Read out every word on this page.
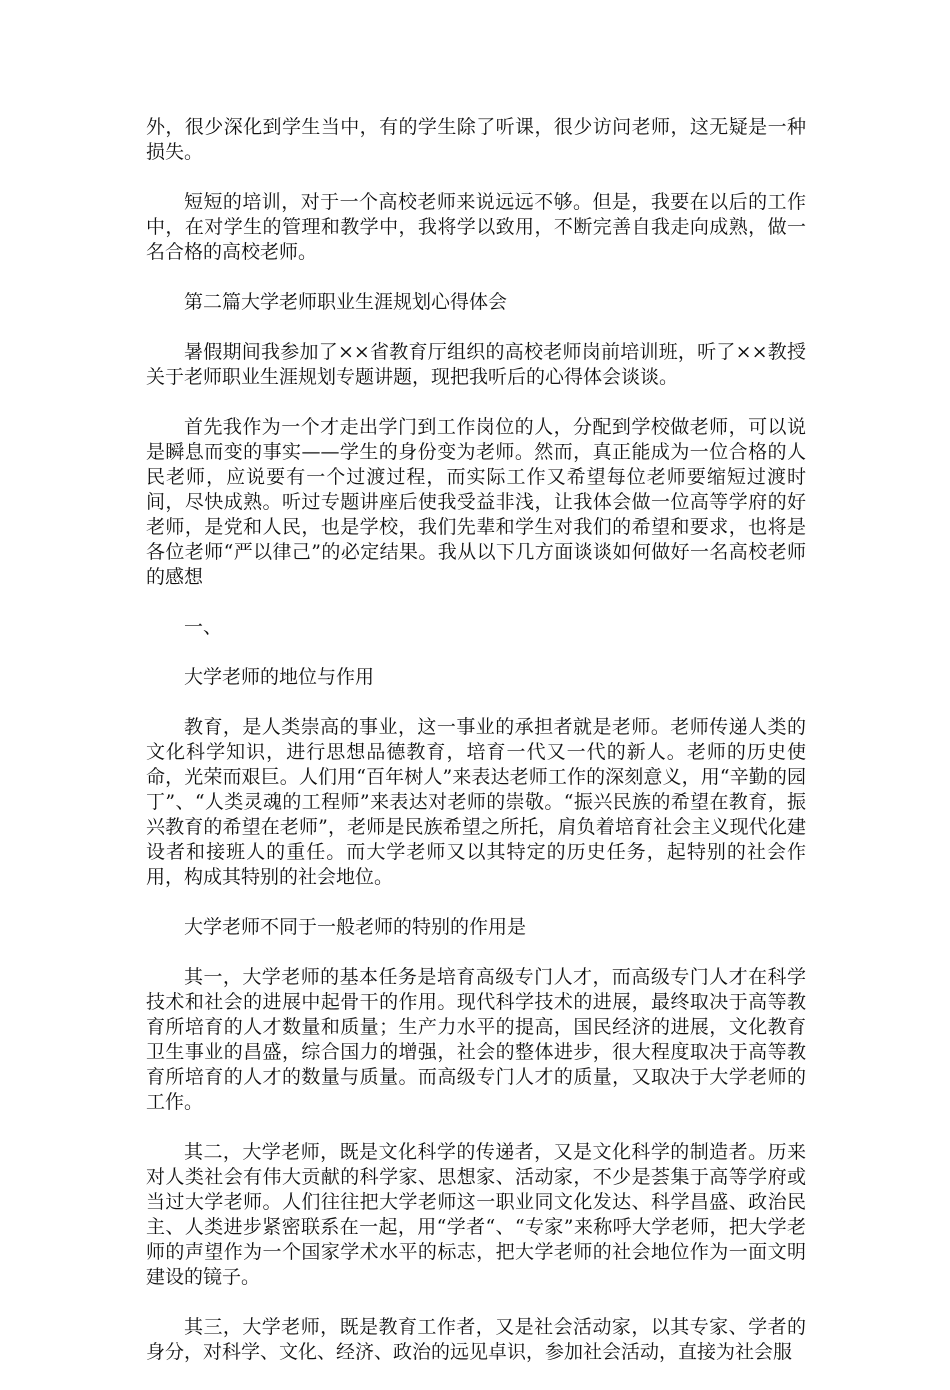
外，很少深化到学生当中，有的学生除了听课，很少访问老师，这无疑是一种损失。

短短的培训，对于一个高校老师来说远远不够。但是，我要在以后的工作中，在对学生的管理和教学中，我将学以致用，不断完善自我走向成熟，做一名合格的高校老师。

第二篇大学老师职业生涯规划心得体会

暑假期间我参加了××省教育厅组织的高校老师岗前培训班，听了××教授关于老师职业生涯规划专题讲题，现把我听后的心得体会谈谈。

首先我作为一个才走出学门到工作岗位的人，分配到学校做老师，可以说是瞬息而变的事实——学生的身份变为老师。然而，真正能成为一位合格的人民老师，应说要有一个过渡过程，而实际工作又希望每位老师要缩短过渡时间，尽快成熟。听过专题讲座后使我受益非浅，让我体会做一位高等学府的好老师，是党和人民，也是学校，我们先辈和学生对我们的希望和要求，也将是各位老师“严以律己”的必定结果。我从以下几方面谈谈如何做好一名高校老师的感想

一、

大学老师的地位与作用

教育，是人类崇高的事业，这一事业的承担者就是老师。老师传递人类的文化科学知识，进行思想品德教育，培育一代又一代的新人。老师的历史使命，光荣而艰巨。人们用“百年树人”来表达老师工作的深刻意义，用“辛勤的园丁”、“人类灵魂的工程师”来表达对老师的崇敬。“振兴民族的希望在教育，振兴教育的希望在老师”，老师是民族希望之所托，肩负着培育社会主义现代化建设者和接班人的重任。而大学老师又以其特定的历史任务，起特别的社会作用，构成其特别的社会地位。

大学老师不同于一般老师的特别的作用是

其一，大学老师的基本任务是培育高级专门人才，而高级专门人才在科学技术和社会的进展中起骨干的作用。现代科学技术的进展，最终取决于高等教育所培育的人才数量和质量；生产力水平的提高，国民经济的进展，文化教育卫生事业的昌盛，综合国力的增强，社会的整体进步，很大程度取决于高等教育所培育的人才的数量与质量。而高级专门人才的质量，又取决于大学老师的工作。

其二，大学老师，既是文化科学的传递者，又是文化科学的制造者。历来对人类社会有伟大贡献的科学家、思想家、活动家，不少是荟集于高等学府或当过大学老师。人们往往把大学老师这一职业同文化发达、科学昌盛、政治民主、人类进步紧密联系在一起，用“学者“、“专家”来称呼大学老师，把大学老师的声望作为一个国家学术水平的标志，把大学老师的社会地位作为一面文明建设的镜子。

其三，大学老师，既是教育工作者，又是社会活动家，以其专家、学者的身分，对科学、文化、经济、政治的远见卓识，参加社会活动，直接为社会服
